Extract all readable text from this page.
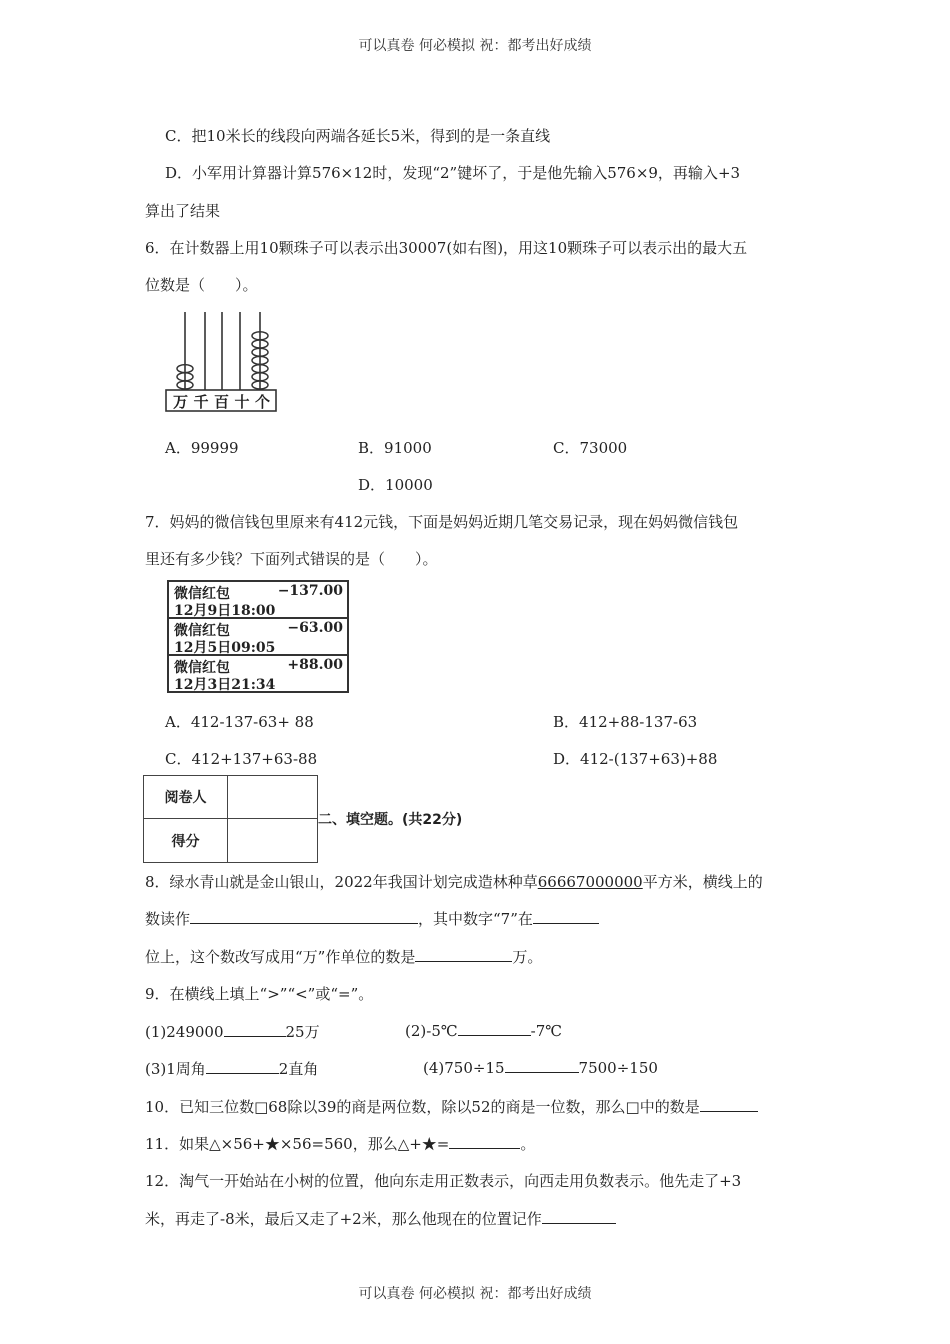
可以真卷 何必模拟 祝：都考出好成绩
C．把10米长的线段向两端各延长5米，得到的是一条直线
D．小军用计算器计算576×12时，发现“2”键坏了，于是他先输入576×9，再输入+3
算出了结果
6．在计数器上用10颗珠子可以表示出30007(如右图)，用这10颗珠子可以表示出的最大五
位数是（　　）。
万 千 百 十 个
A．99999	B．91000	C．73000
D．10000
7．妈妈的微信钱包里原来有412元钱，下面是妈妈近期几笔交易记录，现在妈妈微信钱包
里还有多少钱？下面列式错误的是（　　）。
微信红包	−137.00
12月9日18:00
微信红包	−63.00
12月5日09:05
微信红包	+88.00
12月3日21:34
A．412-137-63+ 88	B．412+88-137-63
C．412+137+63-88	D．412-(137+63)+88
阅卷人
得分
二、填空题。(共22分)
8．绿水青山就是金山银山，2022年我国计划完成造林种草66667000000平方米，横线上的
数读作	，其中数字“7”在
位上，这个数改写成用“万”作单位的数是	万。
9．在横线上填上“>”“<”或“=”。
(1)249000	25万	(2)-5℃	-7℃
(3)1周角	2直角	(4)750÷15	7500÷150
10．已知三位数□68除以39的商是两位数，除以52的商是一位数，那么□中的数是
11．如果△×56+★×56=560，那么△+★=	。
12．淘气一开始站在小树的位置，他向东走用正数表示，向西走用负数表示。他先走了+3
米，再走了-8米，最后又走了+2米，那么他现在的位置记作
可以真卷 何必模拟 祝：都考出好成绩
